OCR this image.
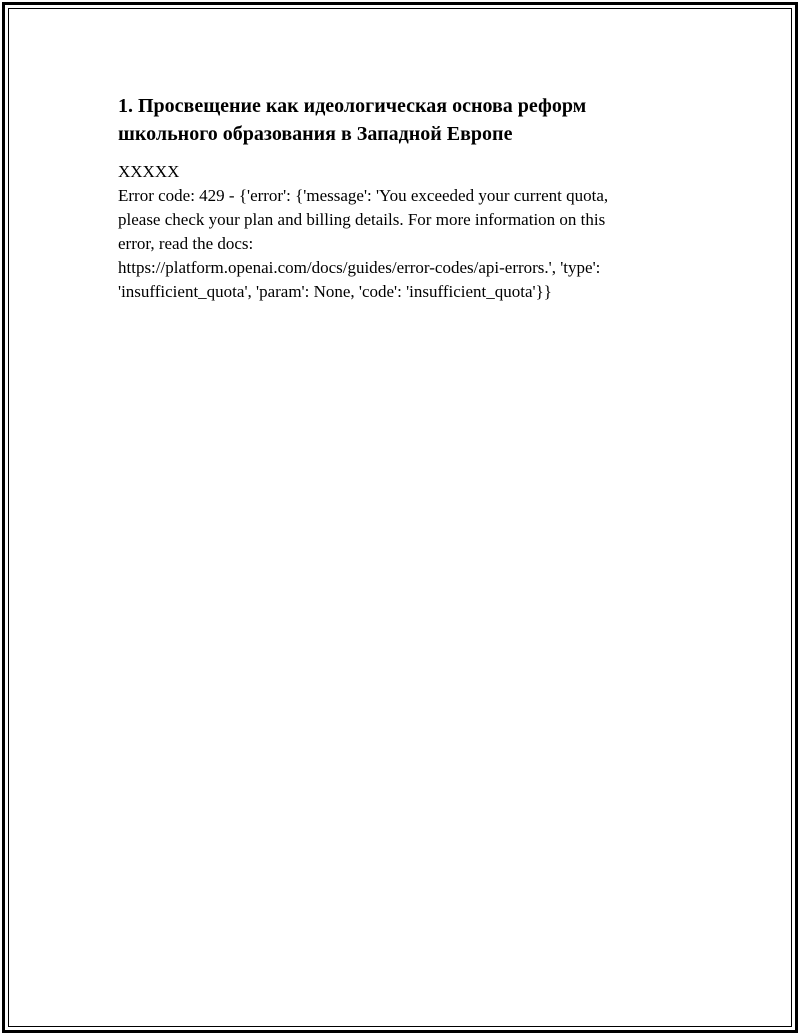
1. Просвещение как идеологическая основа реформ школьного образования в Западной Европе

XXXXX

Error code: 429 - {'error': {'message': 'You exceeded your current quota,
please check your plan and billing details. For more information on this
error, read the docs:
https://platform.openai.com/docs/guides/error-codes/api-errors.', 'type':
'insufficient_quota', 'param': None, 'code': 'insufficient_quota'}}
